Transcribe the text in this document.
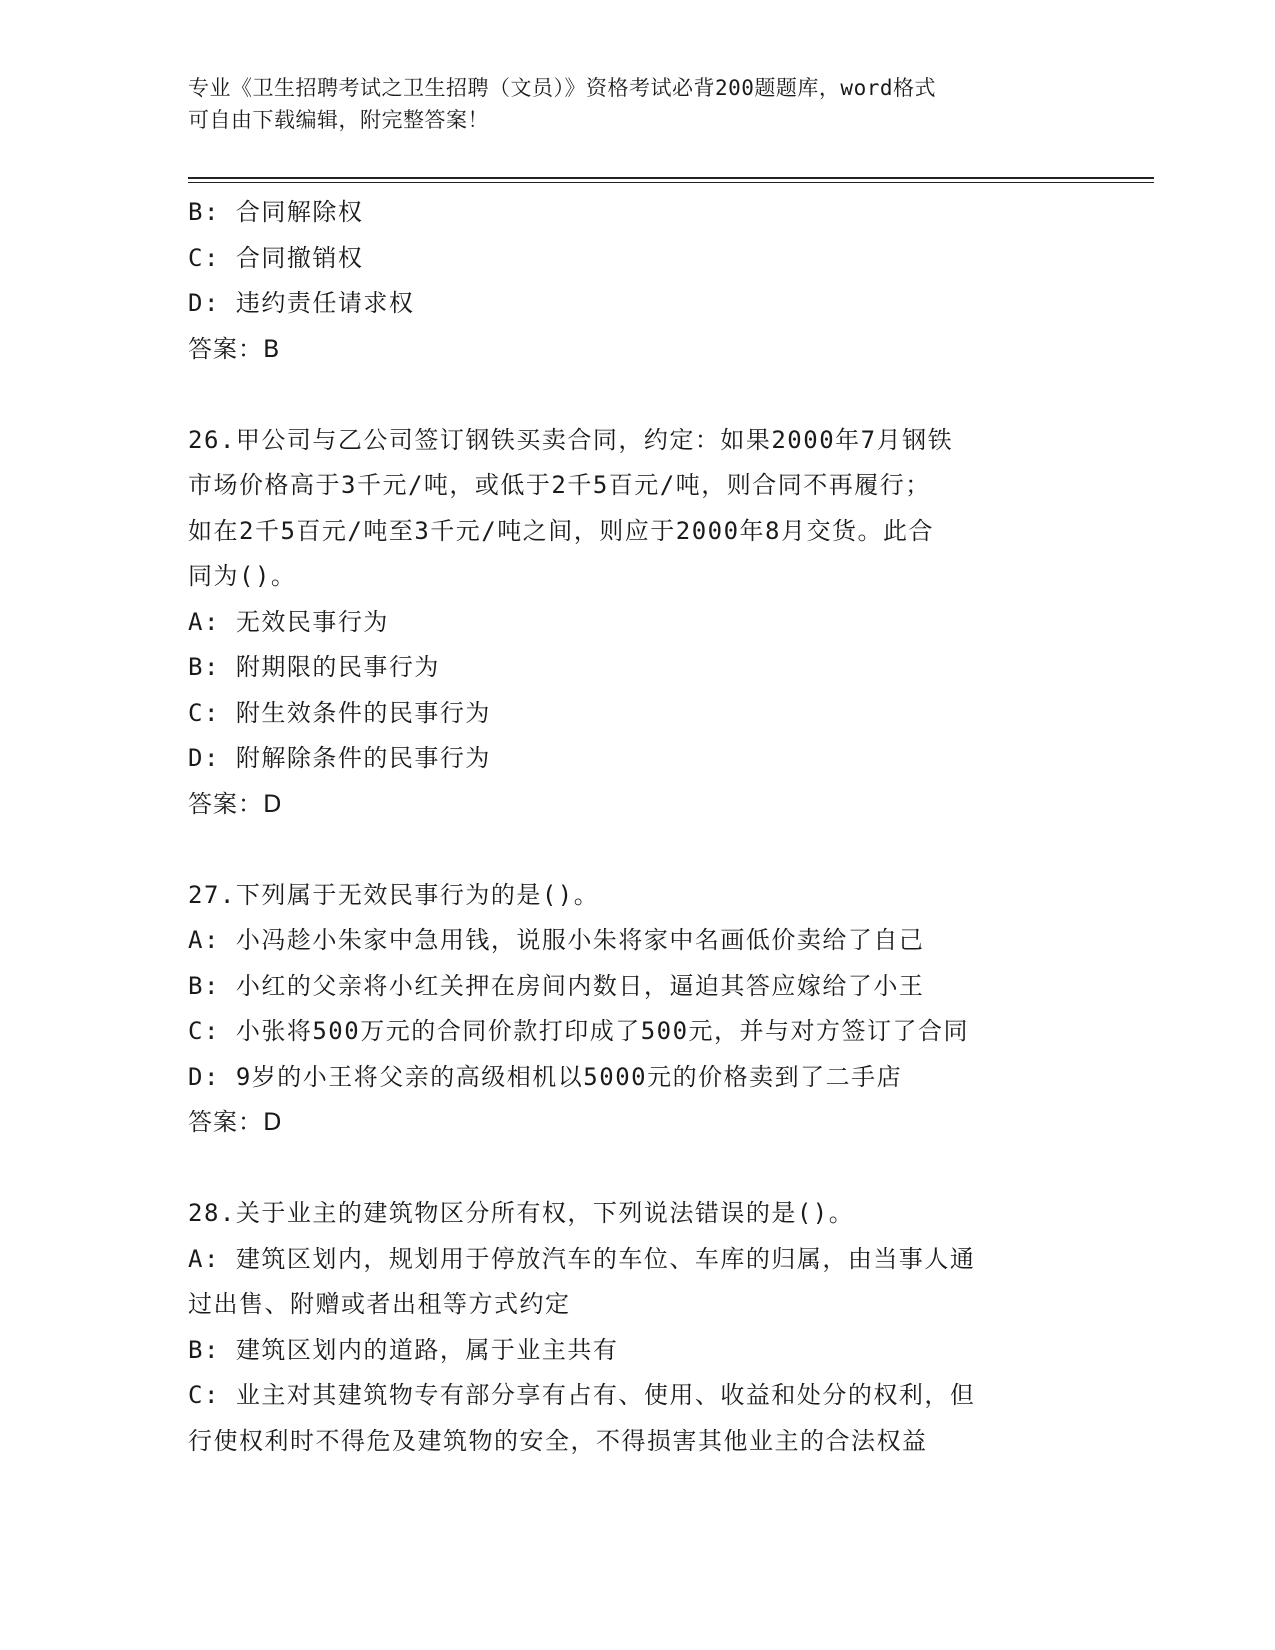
专业《卫生招聘考试之卫生招聘（文员）》资格考试必背200题题库，word格式
可自由下载编辑，附完整答案！
B: 合同解除权
C: 合同撤销权
D: 违约责任请求权
答案：B
26.甲公司与乙公司签订钢铁买卖合同，约定：如果2000年7月钢铁
市场价格高于3千元/吨，或低于2千5百元/吨，则合同不再履行；
如在2千5百元/吨至3千元/吨之间，则应于2000年8月交货。此合
同为()。
A: 无效民事行为
B: 附期限的民事行为
C: 附生效条件的民事行为
D: 附解除条件的民事行为
答案：D
27.下列属于无效民事行为的是()。
A: 小冯趁小朱家中急用钱，说服小朱将家中名画低价卖给了自己
B: 小红的父亲将小红关押在房间内数日，逼迫其答应嫁给了小王
C: 小张将500万元的合同价款打印成了500元，并与对方签订了合同
D: 9岁的小王将父亲的高级相机以5000元的价格卖到了二手店
答案：D
28.关于业主的建筑物区分所有权，下列说法错误的是()。
A: 建筑区划内，规划用于停放汽车的车位、车库的归属，由当事人通
过出售、附赠或者出租等方式约定
B: 建筑区划内的道路，属于业主共有
C: 业主对其建筑物专有部分享有占有、使用、收益和处分的权利，但
行使权利时不得危及建筑物的安全，不得损害其他业主的合法权益
